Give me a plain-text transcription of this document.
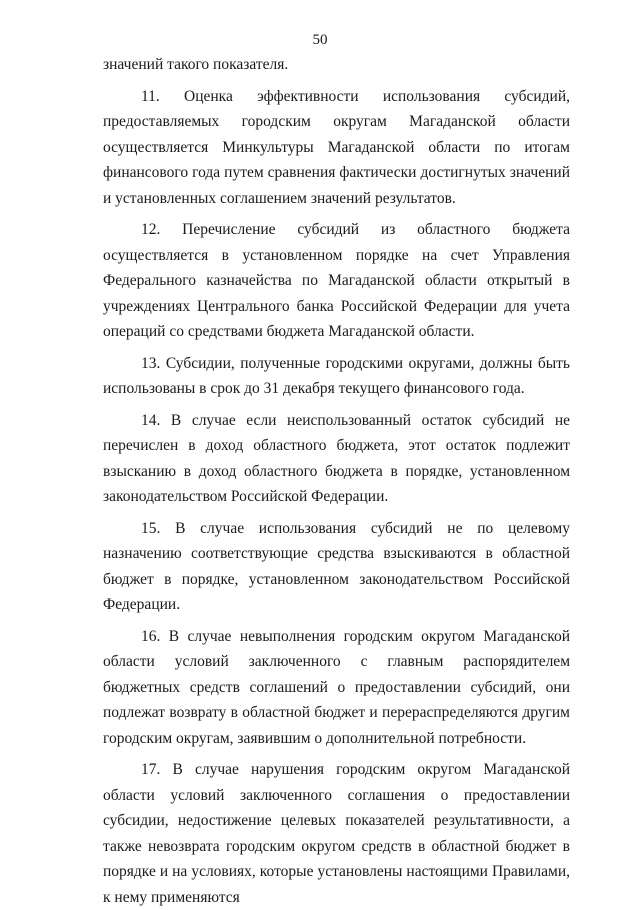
50

значений такого показателя.

11. Оценка эффективности использования субсидий, предоставляемых городским округам Магаданской области осуществляется Минкультуры Магаданской области по итогам финансового года путем сравнения фактически достигнутых значений и установленных соглашением значений результатов.

12. Перечисление субсидий из областного бюджета осуществляется в установленном порядке на счет Управления Федерального казначейства по Магаданской области открытый в учреждениях Центрального банка Российской Федерации для учета операций со средствами бюджета Магаданской области.

13. Субсидии, полученные городскими округами, должны быть использованы в срок до 31 декабря текущего финансового года.

14. В случае если неиспользованный остаток субсидий не перечислен в доход областного бюджета, этот остаток подлежит взысканию в доход областного бюджета в порядке, установленном законодательством Российской Федерации.

15. В случае использования субсидий не по целевому назначению соответствующие средства взыскиваются в областной бюджет в порядке, установленном законодательством Российской Федерации.

16. В случае невыполнения городским округом Магаданской области условий заключенного с главным распорядителем бюджетных средств соглашений о предоставлении субсидий, они подлежат возврату в областной бюджет и перераспределяются другим городским округам, заявившим о дополнительной потребности.

17. В случае нарушения городским округом Магаданской области условий заключенного соглашения о предоставлении субсидии, недостижение целевых показателей результативности, а также невозврата городским округом средств в областной бюджет в порядке и на условиях, которые установлены настоящими Правилами, к нему применяются
